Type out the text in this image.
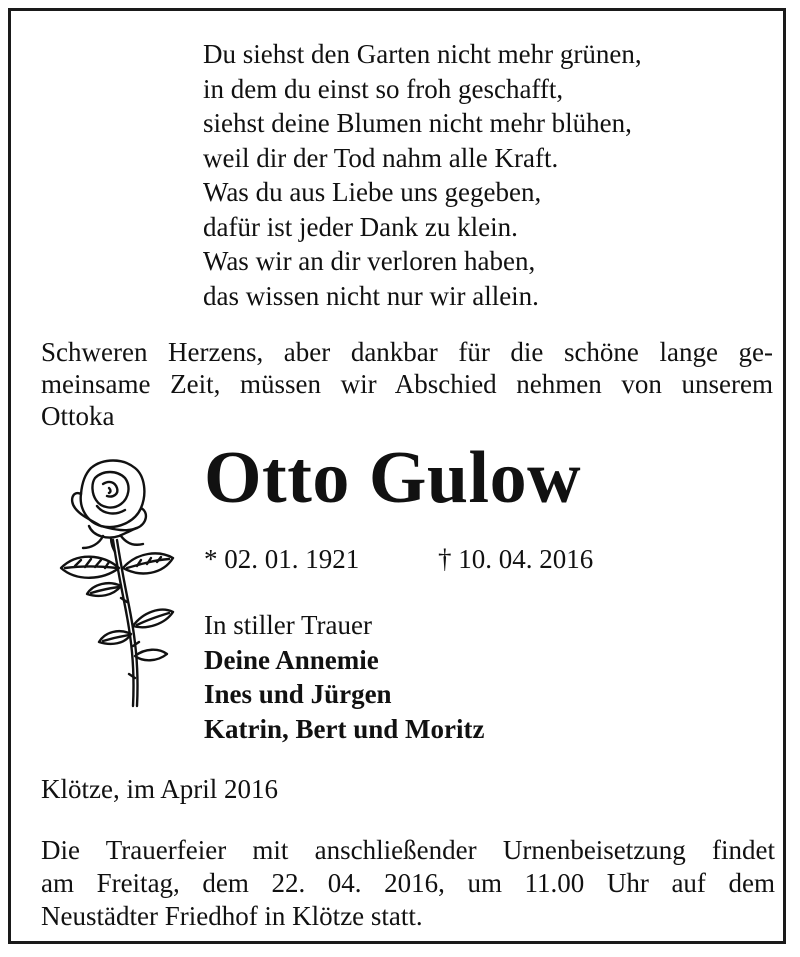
Du siehst den Garten nicht mehr grünen,
in dem du einst so froh geschafft,
siehst deine Blumen nicht mehr blühen,
weil dir der Tod nahm alle Kraft.
Was du aus Liebe uns gegeben,
dafür ist jeder Dank zu klein.
Was wir an dir verloren haben,
das wissen nicht nur wir allein.
Schweren Herzens, aber dankbar für die schöne lange ge-
meinsame Zeit, müssen wir Abschied nehmen von unserem
Ottoka
Otto Gulow
* 02. 01. 1921	† 10. 04. 2016
In stiller Trauer
Deine Annemie
Ines und Jürgen
Katrin, Bert und Moritz
Klötze, im April 2016
Die Trauerfeier mit anschließender Urnenbeisetzung findet
am Freitag, dem 22. 04. 2016, um 11.00 Uhr auf dem
Neustädter Friedhof in Klötze statt.
